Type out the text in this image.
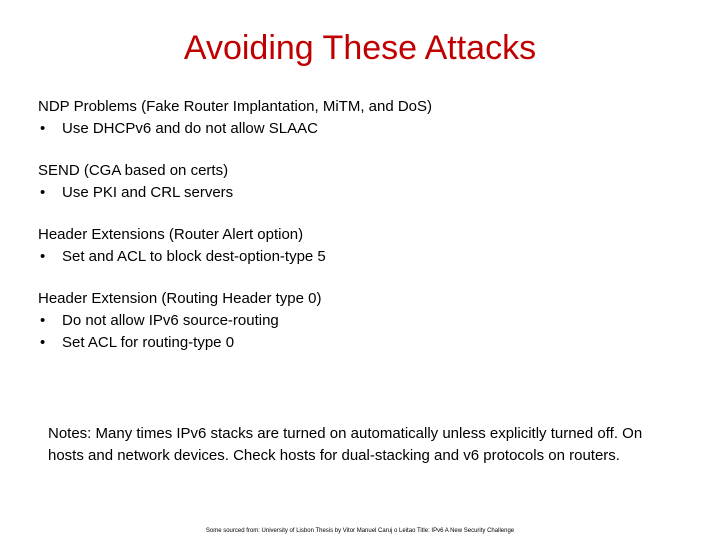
Avoiding These Attacks
NDP Problems (Fake Router Implantation, MiTM, and DoS)
•	Use DHCPv6 and do not allow SLAAC
SEND (CGA based on certs)
•	Use PKI and CRL servers
Header Extensions (Router Alert option)
•	Set and ACL to block dest-option-type 5
Header Extension (Routing Header type 0)
•	Do not allow IPv6 source-routing
•	Set ACL for routing-type 0
Notes: Many times IPv6 stacks are turned on automatically unless explicitly turned off. On hosts and network devices. Check hosts for dual-stacking and v6 protocols on routers.
Some sourced from: University of Lisbon Thesis by Vitor Manuel Caruj o Leitao Title: IPv6 A New Security Challenge
